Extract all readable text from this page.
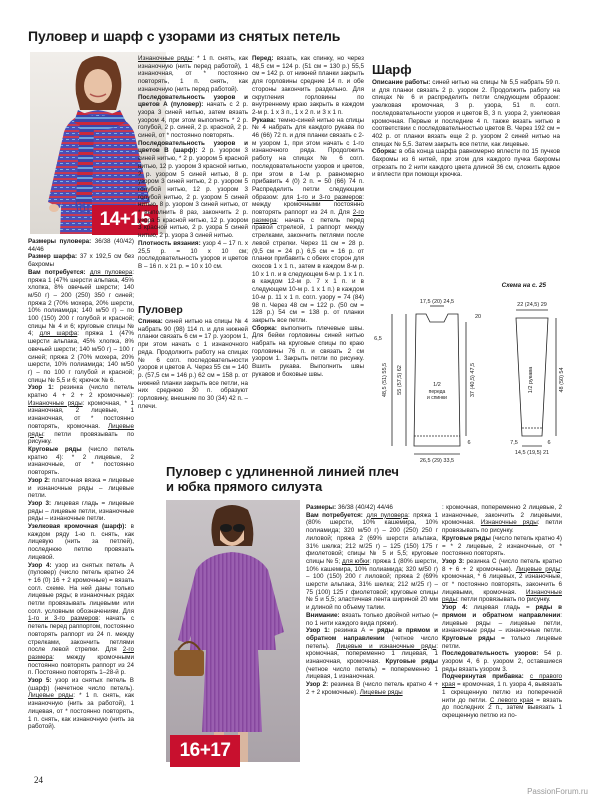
Пуловер и шарф с узорами из снятых петель
14+15
Размеры пуловера: 36/38 (40/42) 44/46
Размер шарфа: 37 х 192,5 см без бахромы
Вам потребуется: для пуловера: пряжа 1 (47% шерсти альпака, 45% хлопка, 8% овечьей шерсти; 140 м/50 г) – 200 (250) 350 г синей; пряжа 2 (70% мохера, 20% шерсти, 10% полиамида; 140 м/50 г) – по 100 (150) 200 г голубой и красной; спицы № 4 и 6; круговые спицы № 4; для шарфа: пряжа 1 (47% шерсти альпака, 45% хлопка, 8% овечьей шерсти; 140 м/50 г) – 100 г синей; пряжа 2 (70% мохера, 20% шерсти, 10% полиамида; 140 м/50 г) – по 100 г голубой и красной; спицы № 5,5 и 6; крючок № 6.
Узор 1: резинка (число петель кратно 4 + 2 + 2 кромочные): Изнаночные ряды: кромочная, * 1 изнаночная, 2 лицевые, 1 изнаночная, от * постоянно повторять, кромочная. Лицевые ряды: петли провязывать по рисунку.
Круговые ряды (число петель кратно 4): * 2 лицевые, 2 изнаночные, от * постоянно повторять.
Узор 2: платочная вязка = лицевые и изнаночные ряды – лицевые петли.
Узор 3: лицевая гладь = лицевые ряды – лицевые петли, изнаночные ряды – изнаночные петли.
Узелковая кромочная (шарф): в каждом ряду 1-ю п. снять, как лицевую (нить за петлей), последнюю петлю провязать лицевой.
Узор 4: узор из снятых петель А (пуловер) (число петель кратно 24 + 16 (0) 16 + 2 кромочные) = вязать согл. схеме. На ней даны только лицевые ряды; в изнаночных рядах петли провязывать лицевыми или согл. условным обозначениям. Для 1-го и 3-го размеров: начать с петель перед раппортом, постоянно повторять раппорт из 24 п. между стрелками, закончить петлями после левой стрелки. Для 2-го размера: между кромочными постоянно повторять раппорт из 24 п. Постоянно повторять 1–28-й р.
Узор 5: узор из снятых петель В (шарф) (нечетное число петель). Лицевые ряды: * 1 п. снять, как изнаночную (нить за работой), 1 лицевая, от * постоянно повторять, 1 п. снять, как изнаночную (нить за работой).
Изнаночные ряды: * 1 п. снять, как изнаночную (нить перед работой), 1 изнаночная, от * постоянно повторять, 1 п. снять, как изнаночную (нить перед работой).
Последовательность узоров и цветов А (пуловер): начать с 2 р. узора 3 синей нитью, затем вязать узором 4, при этом выполнять * 2 р. голубой, 2 р. синей, 2 р. красной, 2 р. синей, от * постоянно повторять.
Последовательность узоров и цветов В (шарф): 2 р. узором 3 синей нитью, * 2 р. узором 5 красной нитью, 12 р. узором 3 красной нитью, 2 р. узором 5 синей нитью, 8 р. узором 3 синей нитью, 2 р. узором 5 голубой нитью, 12 р. узором 3 голубой нитью, 2 р. узором 5 синей нитью, 8 р. узором 3 синей нитью, от * выполнить 8 раз, закончить 2 р. узора 5 красной нитью, 12 р. узором 3 красной нитью, 2 р. узора 5 синей нитью, 2 р. узора 3 синей нитью.
Плотность вязания: узор 4 – 17 п. x 25,5 р. = 10 х 10 см; последовательность узоров и цветов В – 16 п. x 21 р. = 10 х 10 см.
Пуловер
Спинка: синей нитью на спицы № 4 набрать 90 (98) 114 п. и для нижней планки связать 6 см = 17 р. узором 1, при этом начать с 1 изнаночного ряда. Продолжить работу на спицах № 6 согл. последовательности узоров и цветов А. Через 55 см = 140 р. (57,5 см = 146 р.) 62 см = 158 р. от нижней планки закрыть все петли, на них среднюю 30 п. образуют горловину, внешние по 30 (34) 42 п. – плечи.
Перед: вязать, как спинку, но через 48,5 см = 124 р. (51 см = 130 р.) 55,5 см = 142 р. от нижней планки закрыть для горловины средние 14 п. и обе стороны закончить раздельно. Для скругления горловины по внутреннему краю закрыть в каждом 2-м р. 1 х 3 п., 1 х 2 п. и 3 х 1 п.
Рукава: темно-синей нитью на спицы № 4 набрать для каждого рукава по 46 (66) 72 п. и для планки связать с 2-м узором 1, при этом начать с 1-го изнаночного ряда. Продолжить работу на спицах № 6 согл. последовательности узоров и цветов, при этом в 1-м р. равномерно прибавить 4 (0) 2 п. = 50 (66) 74 п. Распределить петли следующим образом: для 1-го и 3-го размеров: между кромочными постоянно повторять раппорт из 24 п. Для 2-го размера: начать с петель перед правой стрелкой, 1 раппорт между стрелками, закончить петлями после левой стрелки. Через 11 см = 28 р. (9,5 см = 24 р.) 6,5 см = 16 р. от планки прибавить с обеих сторон для скосов 1 х 1 п., затем в каждом 8-м р. 10 х 1 п. и в следующем 6-м р. 1 х 1 п. в каждом 12-м р. 7 х 1 п. и в следующем 10-м р. 1 х 1 п.) в каждом 10-м р. 11 х 1 п. согл. узору = 74 (84) 98 п. Через 48 см = 122 р. (50 см = 128 р.) 54 см = 138 р. от планки закрыть все петли.
Сборка: выполнить плечевые швы. Для бейки горловины синей нитью набрать на круговые спицы по краю горловины 76 п. и связать 2 см узором 1. Закрыть петли по рисунку. Вшить рукава. Выполнить швы рукавов и боковые швы.
Шарф
Описание работы: синей нитью на спицы № 5,5 набрать 59 п. и для планки связать 2 р. узором 2. Продолжить работу на спицах № 6 и распределить петли следующим образом: узелковая кромочная, 3 р. узора, 51 п. согл. последовательности узоров и цветов В, 3 п. узора 2, узелковая кромочная. Первые и последние 4 п. также вязать нитью в соответствии с последовательностью цветов В. Через 192 см = 402 р. от планки вязать еще 2 р. узором 2 синей нитью на спицах № 5,5. Затем закрыть все петли, как лицевые.
Сборка: в оба конца шарфа равномерно вплести по 15 пучков бахромы из 6 нитей, при этом для каждого пучка бахромы отрезать по 2 нити каждого цвета длиной 36 см, сложить вдвое и вплести при помощи крючка.
Схема на с. 25
17,5 (20) 24,5
20
6,5
48,5 (51) 55,5 55 (57,5) 62	37 (40,5) 47,5
1/2
переда
и спинки
26,5 (29) 33,5
6
22 (24,5) 29
48 (50) 54
1/2 рукава
14,5 (19,5) 21
7,5	6
Пуловер с удлиненной линией плеч
и юбка прямого силуэта
16+17
Размеры: 36/38 (40/42) 44/46
Вам потребуется: для пуловера: пряжа 1 (80% шерсти, 10% кашемира, 10% полиамида; 320 м/50 г) – 200 (250) 250 г лиловой; пряжа 2 (69% шерсти альпака, 31% шелка; 212 м/25 г) – 125 (150) 175 г фиолетовой; спицы № 5 и 5,5; круговые спицы № 5; для юбки: пряжа 1 (80% шерсти, 10% кашемира, 10% полиамида; 320 м/50 г) – 100 (150) 200 г лиловой; пряжа 2 (69% шерсти альпака, 31% шелка; 212 м/25 г) – 75 (100) 125 г фиолетовой; круговые спицы № 5 и 5,5; эластичная лента шириной 20 мм и длиной по объему талии.
Внимание: вязать только двойной нитью (= по 1 нити каждого вида пряжи).
Узор 1: резинка А = ряды в прямом и обратном направлении (четное число петель). Лицевые и изнаночные ряды: кромочная, попеременно 1 лицевая, 1 изнаночная, кромочная. Круговые ряды (четное число петель) = попеременно 1 лицевая, 1 изнаночная.
Узор 2: резинка В (число петель кратно 4 + 2 + 2 кромочные). Лицевые ряды
: кромочная, попеременно 2 лицевые, 2 изнаночные, закончить 2 лицевыми, кромочная. Изнаночные ряды: петли провязывать по рисунку.
Круговые ряды (число петель кратно 4) = * 2 лицевые, 2 изнаночные, от * постоянно повторять.
Узор 3: резинка С (число петель кратно 8 + 6 + 2 кромочные). Лицевые ряды: кромочная, * 6 лицевых, 2 изнаночные, от * постоянно повторять, закончить 6 лицевыми, кромочная. Изнаночные ряды: петли провязывать по рисунку.
Узор 4: лицевая гладь = ряды в прямом и обратном направлении: лицевые ряды – лицевые петли, изнаночные ряды – изнаночные петли. Круговые ряды = только лицевые петли.
Последовательность узоров: 54 р. узором 4, 6 р. узором 2, оставшиеся ряды вязать узором 3.
Подчеркнутая прибавка: с правого края = кромочная, 1 п. узора 4, вывязать 1 скрещенную петлю из поперечной нити до петли. С левого края = вязать до последних 2 п., затем вывязать 1 скрещенную петлю из по-
24
PassionForum.ru
